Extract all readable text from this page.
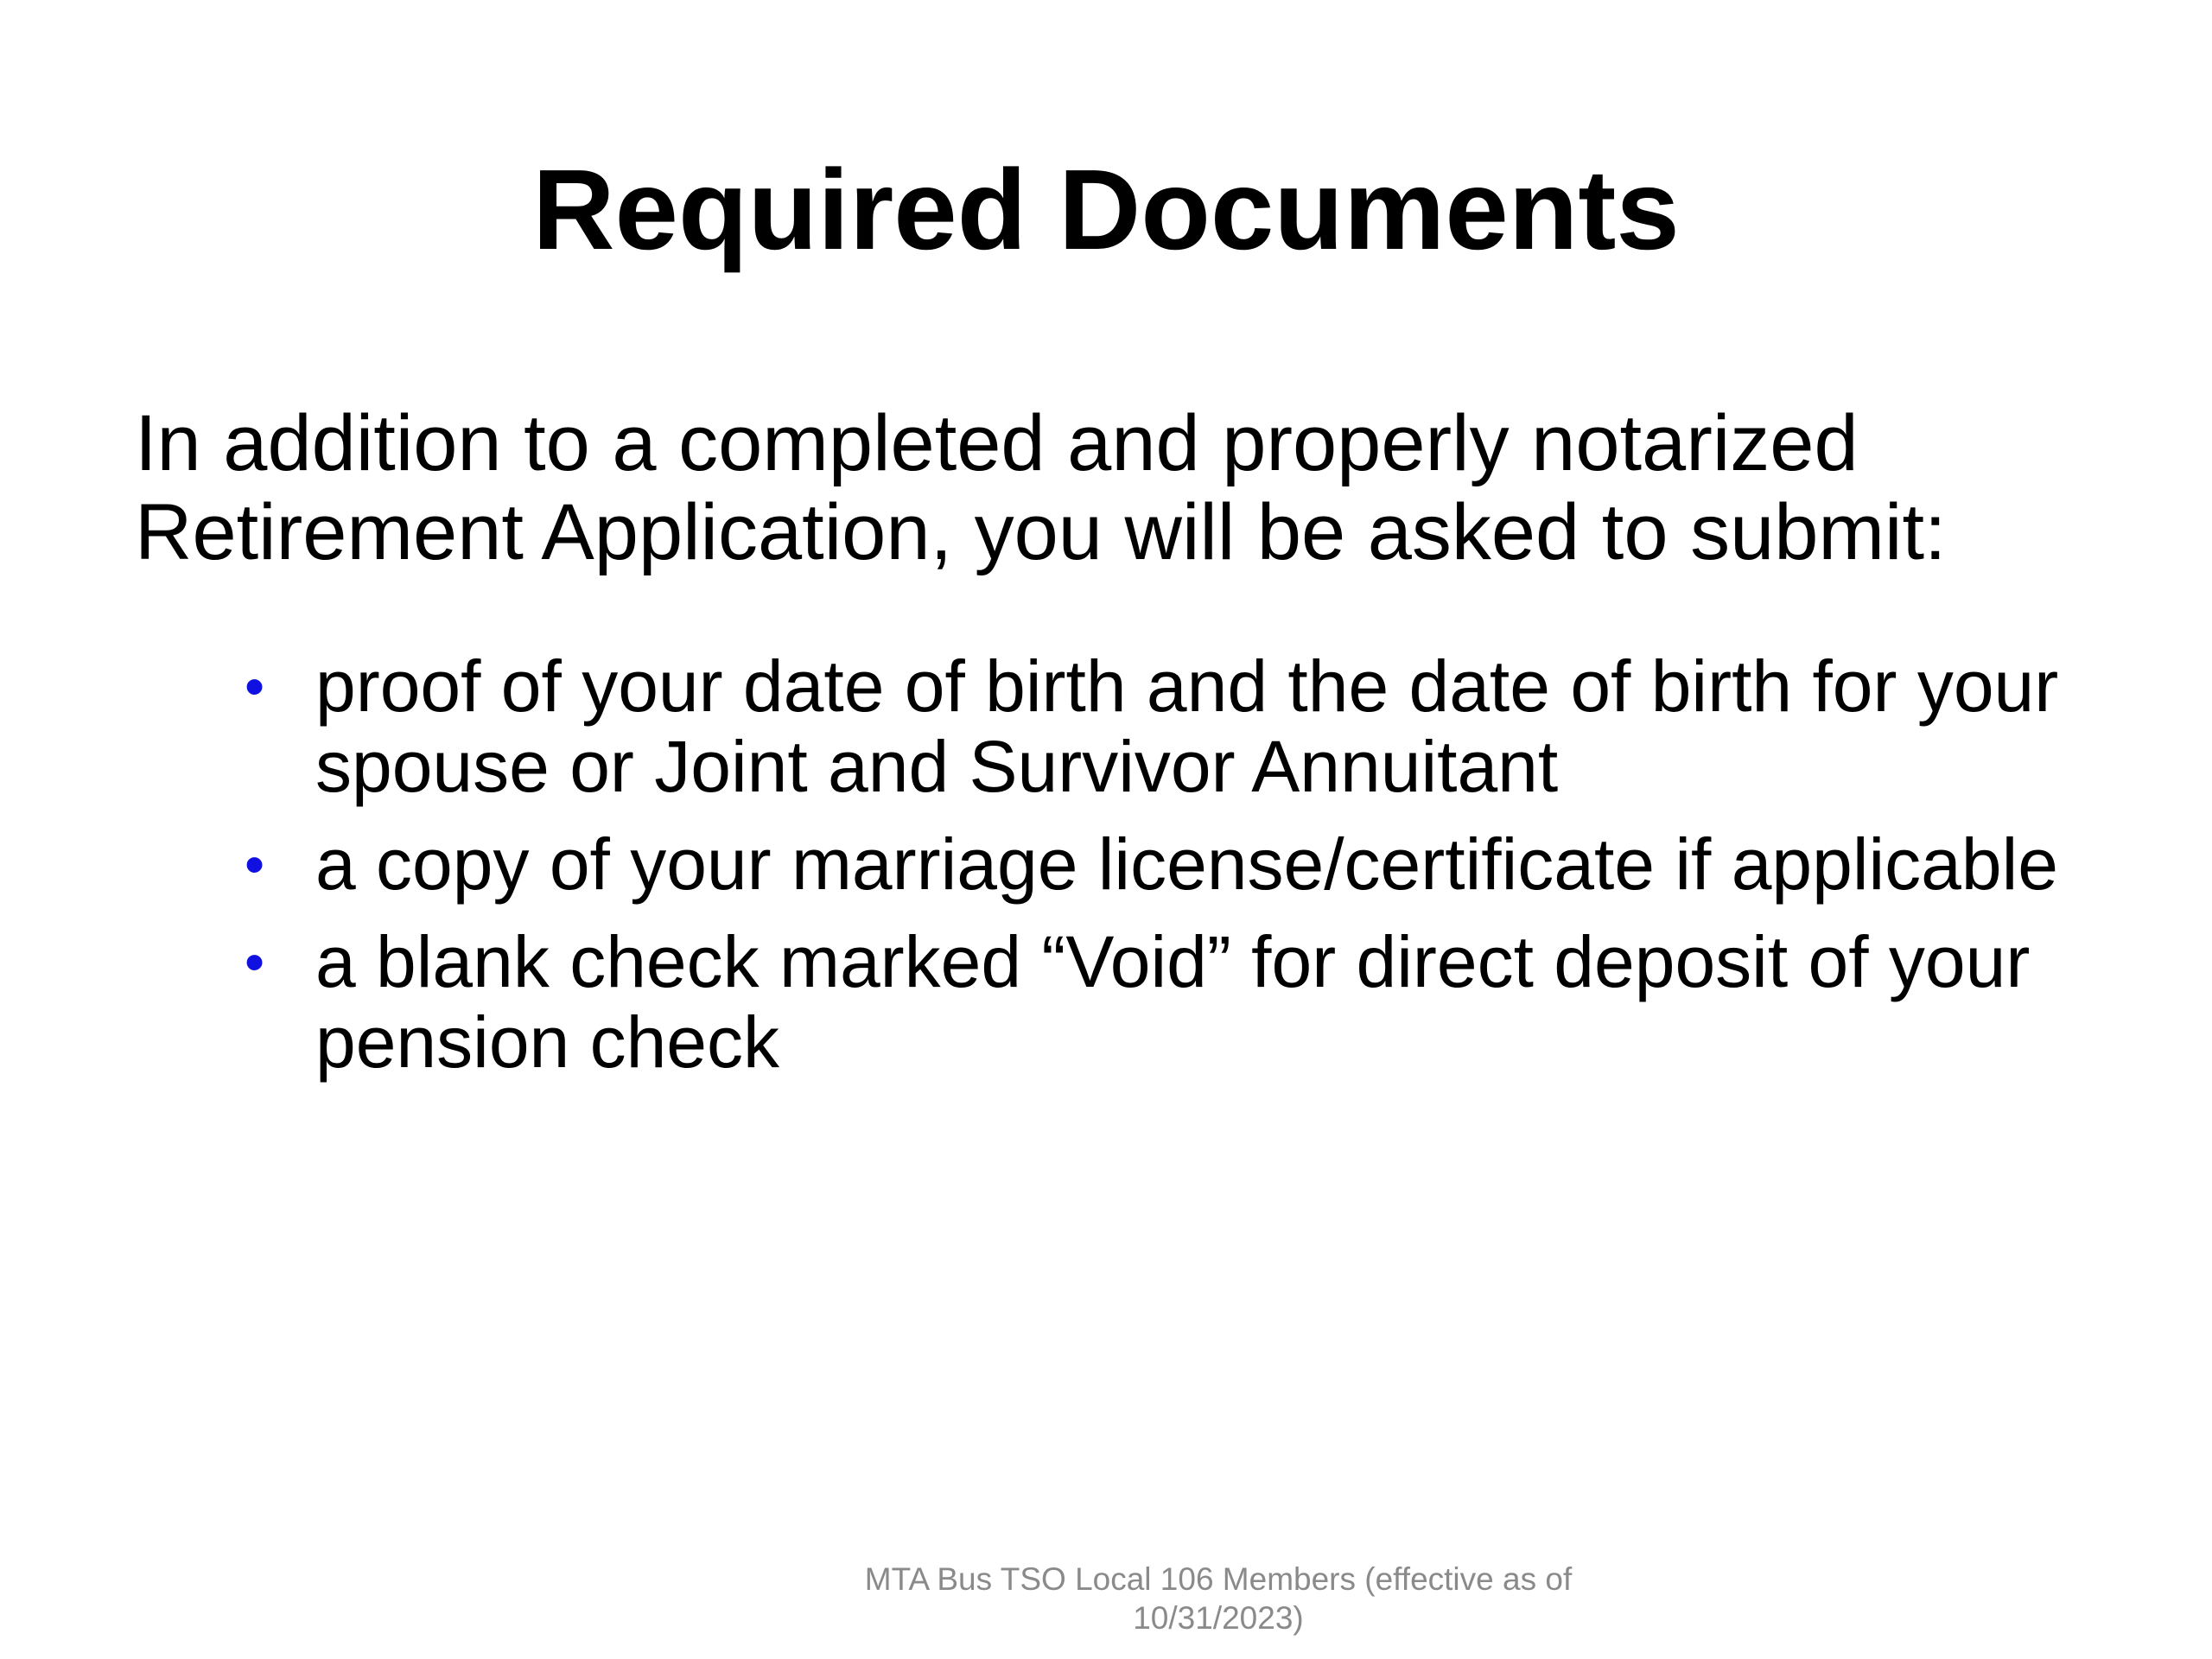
Required Documents

In addition to a completed and properly notarized
Retirement Application, you will be asked to submit:

• proof of your date of birth and the date of birth for your spouse or Joint and Survivor Annuitant
• a copy of your marriage license/certificate if applicable
• a blank check marked “Void” for direct deposit of your pension check

MTA Bus TSO Local 106 Members (effective as of
10/31/2023)
